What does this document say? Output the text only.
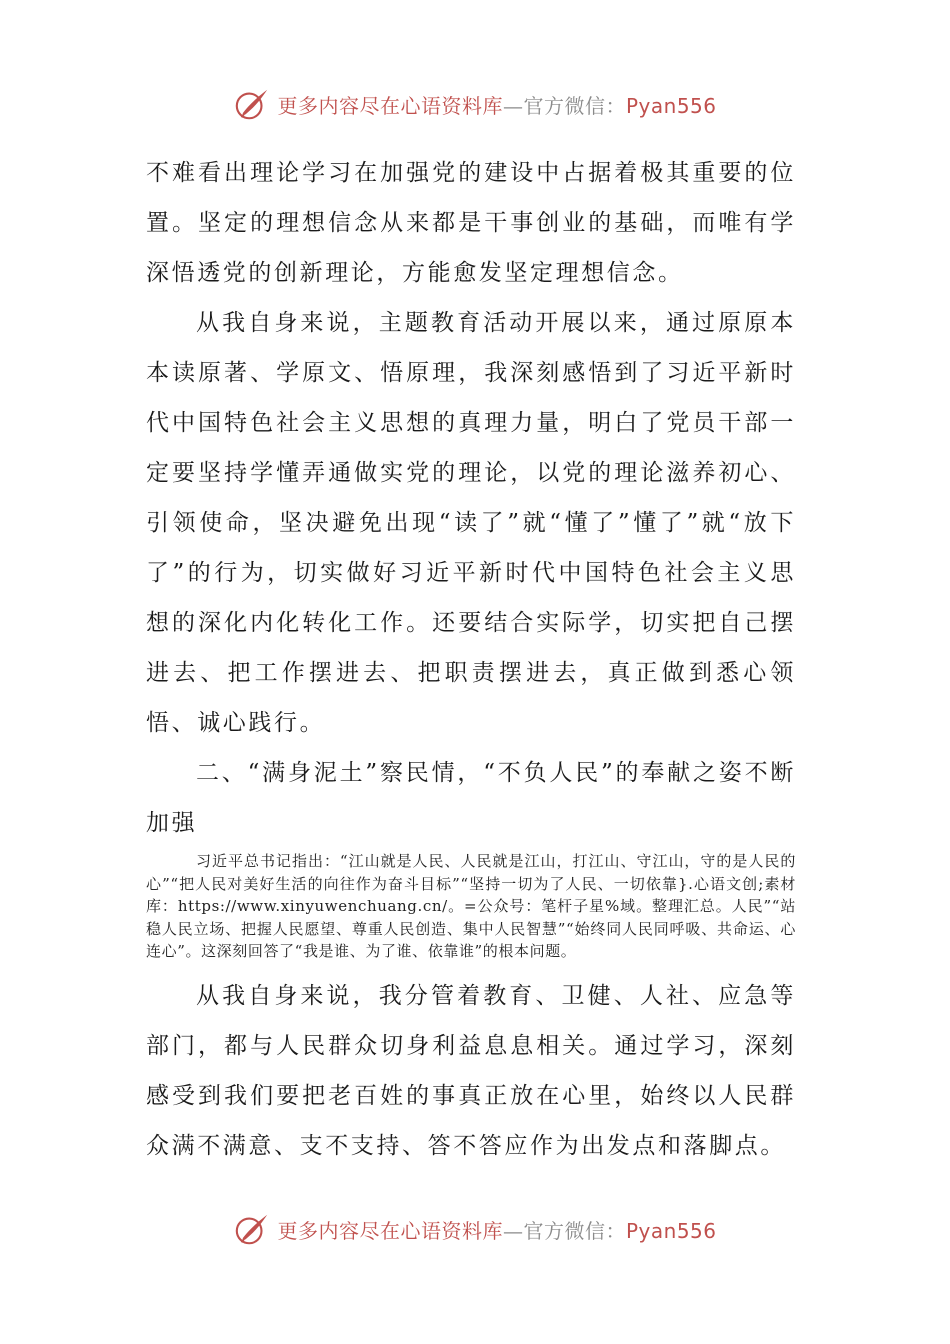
更多内容尽在心语资料库—官方微信：Pyan556

不难看出理论学习在加强党的建设中占据着极其重要的位置。坚定的理想信念从来都是干事创业的基础，而唯有学深悟透党的创新理论，方能愈发坚定理想信念。

从我自身来说，主题教育活动开展以来，通过原原本本读原著、学原文、悟原理，我深刻感悟到了习近平新时代中国特色社会主义思想的真理力量，明白了党员干部一定要坚持学懂弄通做实党的理论，以党的理论滋养初心、引领使命，坚决避免出现“读了”就“懂了”懂了”就“放下了”的行为，切实做好习近平新时代中国特色社会主义思想的深化内化转化工作。还要结合实际学，切实把自己摆进去、把工作摆进去、把职责摆进去，真正做到悉心领悟、诚心践行。

二、“满身泥土”察民情，“不负人民”的奉献之姿不断加强

习近平总书记指出：“江山就是人民、人民就是江山，打江山、守江山，守的是人民的心”“把人民对美好生活的向往作为奋斗目标”“坚持一切为了人民、一切依靠}.心语文创;素材库：https://www.xinyuwenchuang.cn/。=公众号：笔杆子星%域。整理汇总。人民”“站稳人民立场、把握人民愿望、尊重人民创造、集中人民智慧”“始终同人民同呼吸、共命运、心连心”。这深刻回答了“我是谁、为了谁、依靠谁”的根本问题。

从我自身来说，我分管着教育、卫健、人社、应急等部门，都与人民群众切身利益息息相关。通过学习，深刻感受到我们要把老百姓的事真正放在心里，始终以人民群众满不满意、支不支持、答不答应作为出发点和落脚点。

更多内容尽在心语资料库—官方微信：Pyan556
